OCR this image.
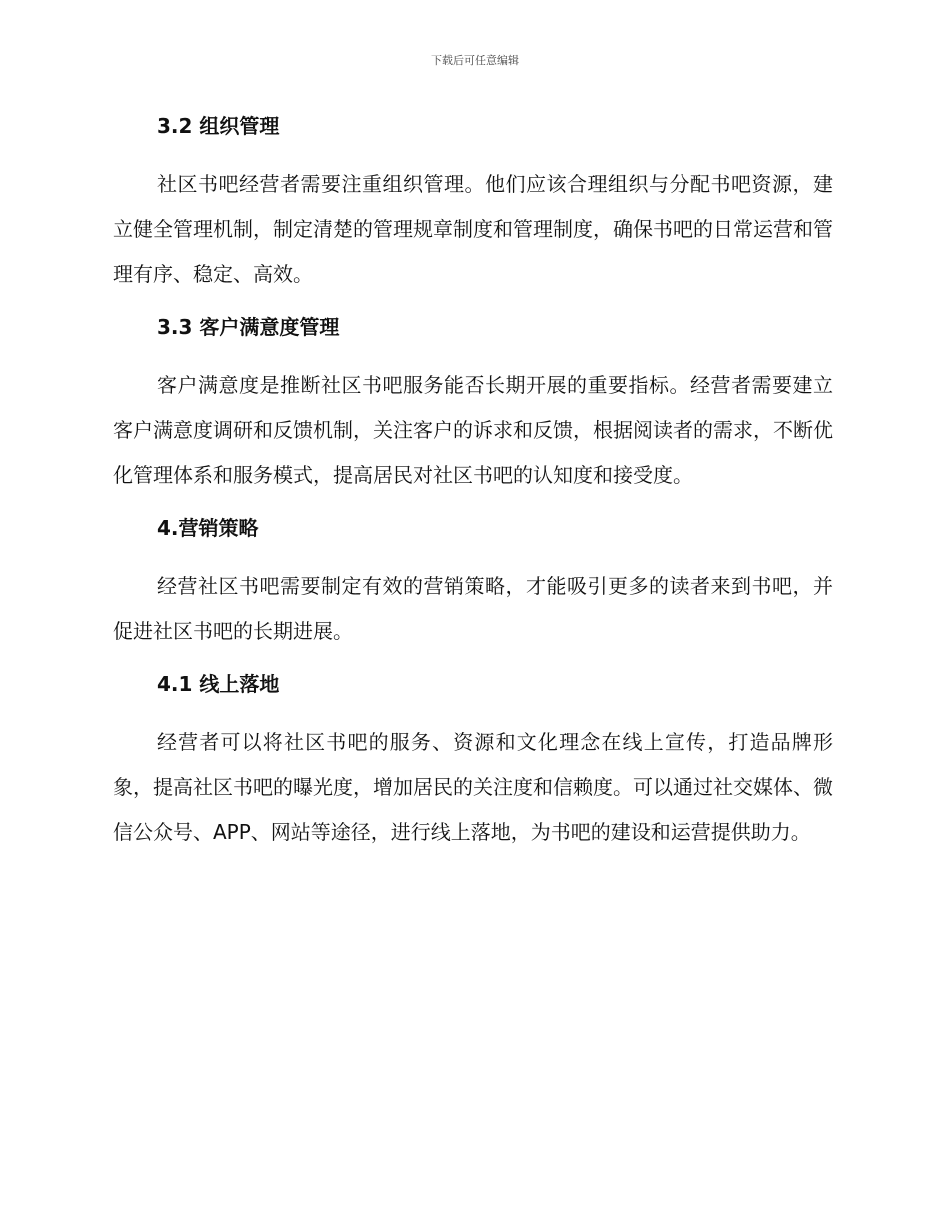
下载后可任意编辑
3.2 组织管理

社区书吧经营者需要注重组织管理。他们应该合理组织与分配书吧资源，建立健全管理机制，制定清楚的管理规章制度和管理制度，确保书吧的日常运营和管理有序、稳定、高效。

3.3 客户满意度管理

客户满意度是推断社区书吧服务能否长期开展的重要指标。经营者需要建立客户满意度调研和反馈机制，关注客户的诉求和反馈，根据阅读者的需求，不断优化管理体系和服务模式，提高居民对社区书吧的认知度和接受度。

4.营销策略

经营社区书吧需要制定有效的营销策略，才能吸引更多的读者来到书吧，并促进社区书吧的长期进展。

4.1 线上落地

经营者可以将社区书吧的服务、资源和文化理念在线上宣传，打造品牌形象，提高社区书吧的曝光度，增加居民的关注度和信赖度。可以通过社交媒体、微信公众号、APP、网站等途径，进行线上落地，为书吧的建设和运营提供助力。
